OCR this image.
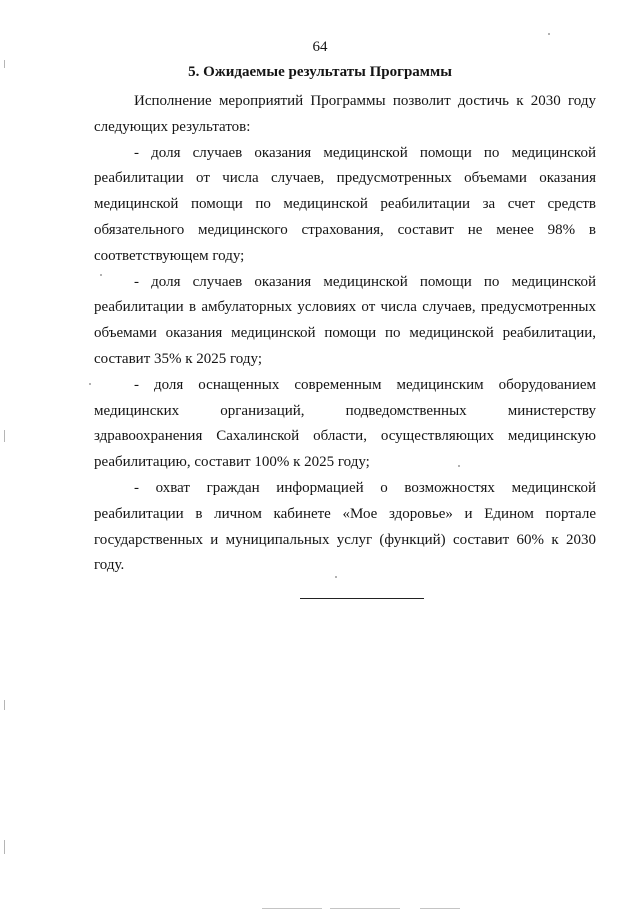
64
5. Ожидаемые результаты Программы

Исполнение мероприятий Программы позволит достичь к 2030 году следующих результатов:

- доля случаев оказания медицинской помощи по медицинской реабилитации от числа случаев, предусмотренных объемами оказания медицинской помощи по медицинской реабилитации за счет средств обязательного медицинского страхования, составит не менее 98% в соответствующем году;

- доля случаев оказания медицинской помощи по медицинской реабилитации в амбулаторных условиях от числа случаев, предусмотренных объемами оказания медицинской помощи по медицинской реабилитации, составит 35% к 2025 году;

- доля оснащенных современным медицинским оборудованием медицинских организаций, подведомственных министерству здравоохранения Сахалинской области, осуществляющих медицинскую реабилитацию, составит 100% к 2025 году;

- охват граждан информацией о возможностях медицинской реабилитации в личном кабинете «Мое здоровье» и Едином портале государственных и муниципальных услуг (функций) составит 60% к 2030 году.
